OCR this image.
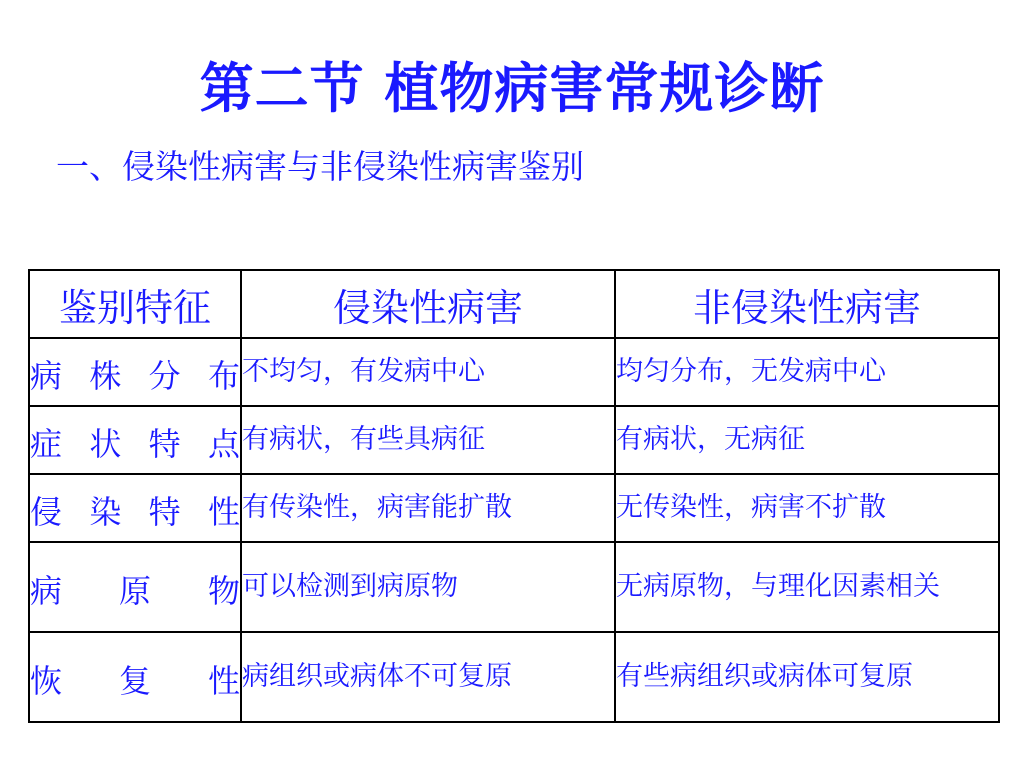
第二节 植物病害常规诊断
一、侵染性病害与非侵染性病害鉴别
鉴别特征	侵染性病害	非侵染性病害

病株分布	不均匀，有发病中心	均匀分布，无发病中心

症状特点	有病状，有些具病征	有病状，无病征

侵染特性	有传染性，病害能扩散	无传染性，病害不扩散

病原物	可以检测到病原物	无病原物，与理化因素相关

恢复性	病组织或病体不可复原	有些病组织或病体可复原
